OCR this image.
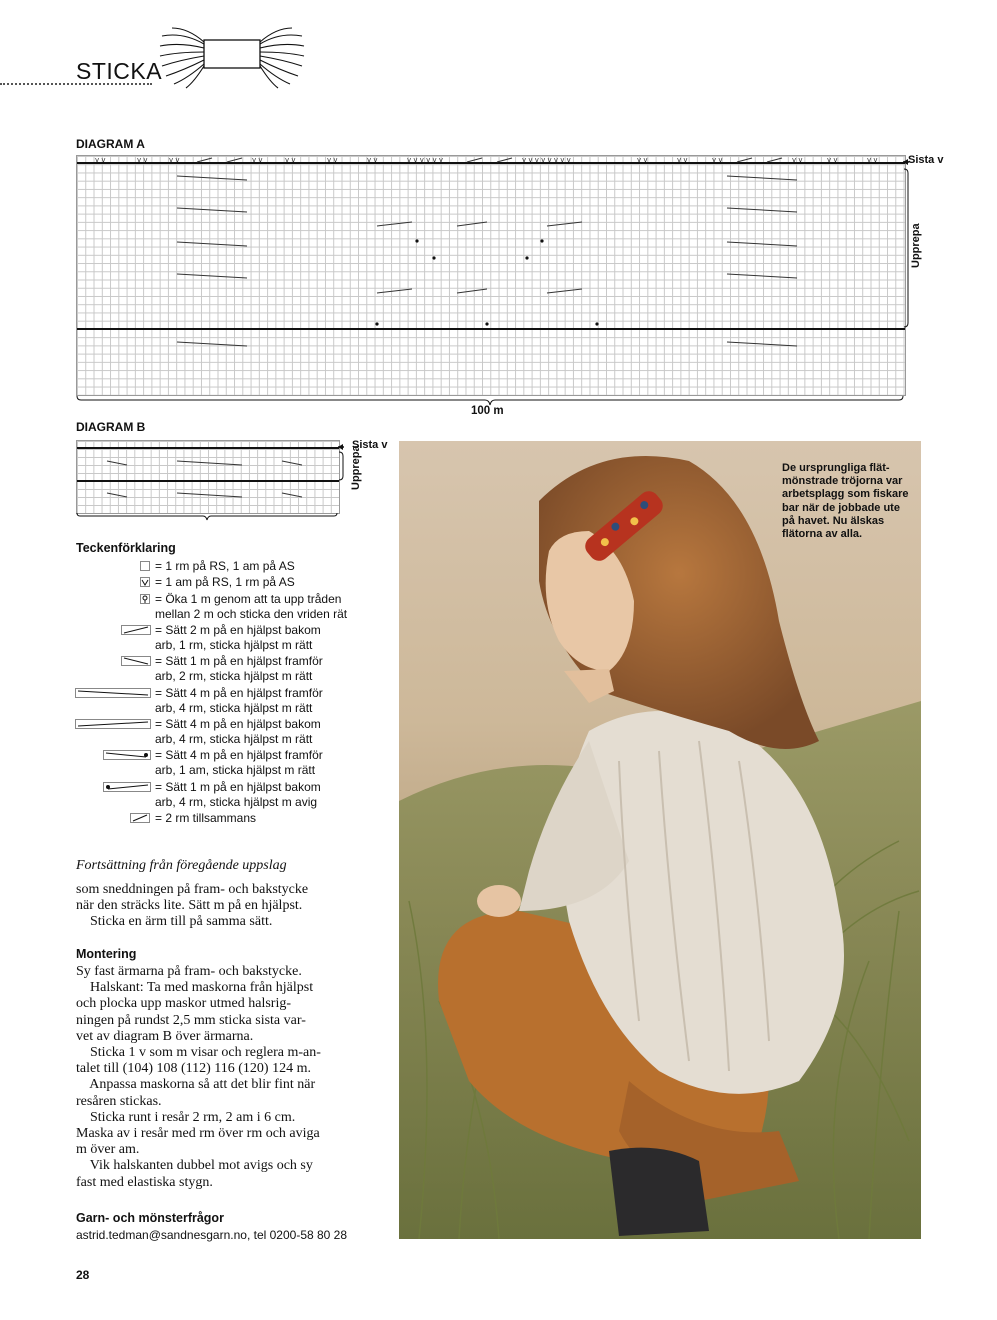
STICKA
DIAGRAM A
v v	v v	v v	v v	v v	v v	v v	v v v v v v	v v v v v v v v	v v	v v	v v	v v	v v	v v	Sista v
Upprepa
100 m
DIAGRAM B
Sista v
Upprepa
Teckenförklaring
= 1 rm på RS, 1 am på AS
= 1 am på RS, 1 rm på AS
= Öka 1 m genom att ta upp tråden
mellan 2 m och sticka den vriden rät
= Sätt 2 m på en hjälpst bakom
arb, 1 rm, sticka hjälpst m rätt
= Sätt 1 m på en hjälpst framför
arb, 2 rm, sticka hjälpst m rätt
= Sätt 4 m på en hjälpst framför
arb, 4 rm, sticka hjälpst m rätt
= Sätt 4 m på en hjälpst bakom
arb, 4 rm, sticka hjälpst m rätt
= Sätt 4 m på en hjälpst framför
arb, 1 am, sticka hjälpst m rätt
= Sätt 1 m på en hjälpst bakom
arb, 4 rm, sticka hjälpst m avig
= 2 rm tillsammans
Fortsättning från föregående uppslag
som sneddningen på fram- och bakstycke
när den sträcks lite. Sätt m på en hjälpst.
Sticka en ärm till på samma sätt.
Montering
Sy fast ärmarna på fram- och bakstycke.
Halskant: Ta med maskorna från hjälpst
och plocka upp maskor utmed halsrig-
ningen på rundst 2,5 mm sticka sista var-
vet av diagram B över ärmarna.
Sticka 1 v som m visar och reglera m-an-
talet till (104) 108 (112) 116 (120) 124 m.
Anpassa maskorna så att det blir fint när
resåren stickas.
Sticka runt i resår 2 rm, 2 am i 6 cm.
Maska av i resår med rm över rm och aviga
m över am.
Vik halskanten dubbel mot avigs och sy
fast med elastiska stygn.
Garn- och mönsterfrågor
astrid.tedman@sandnesgarn.no, tel 0200-58 80 28
De ursprungliga flät-
mönstrade tröjorna var
arbetsplagg som fiskare
bar när de jobbade ute
på havet. Nu älskas
flätorna av alla.
28
